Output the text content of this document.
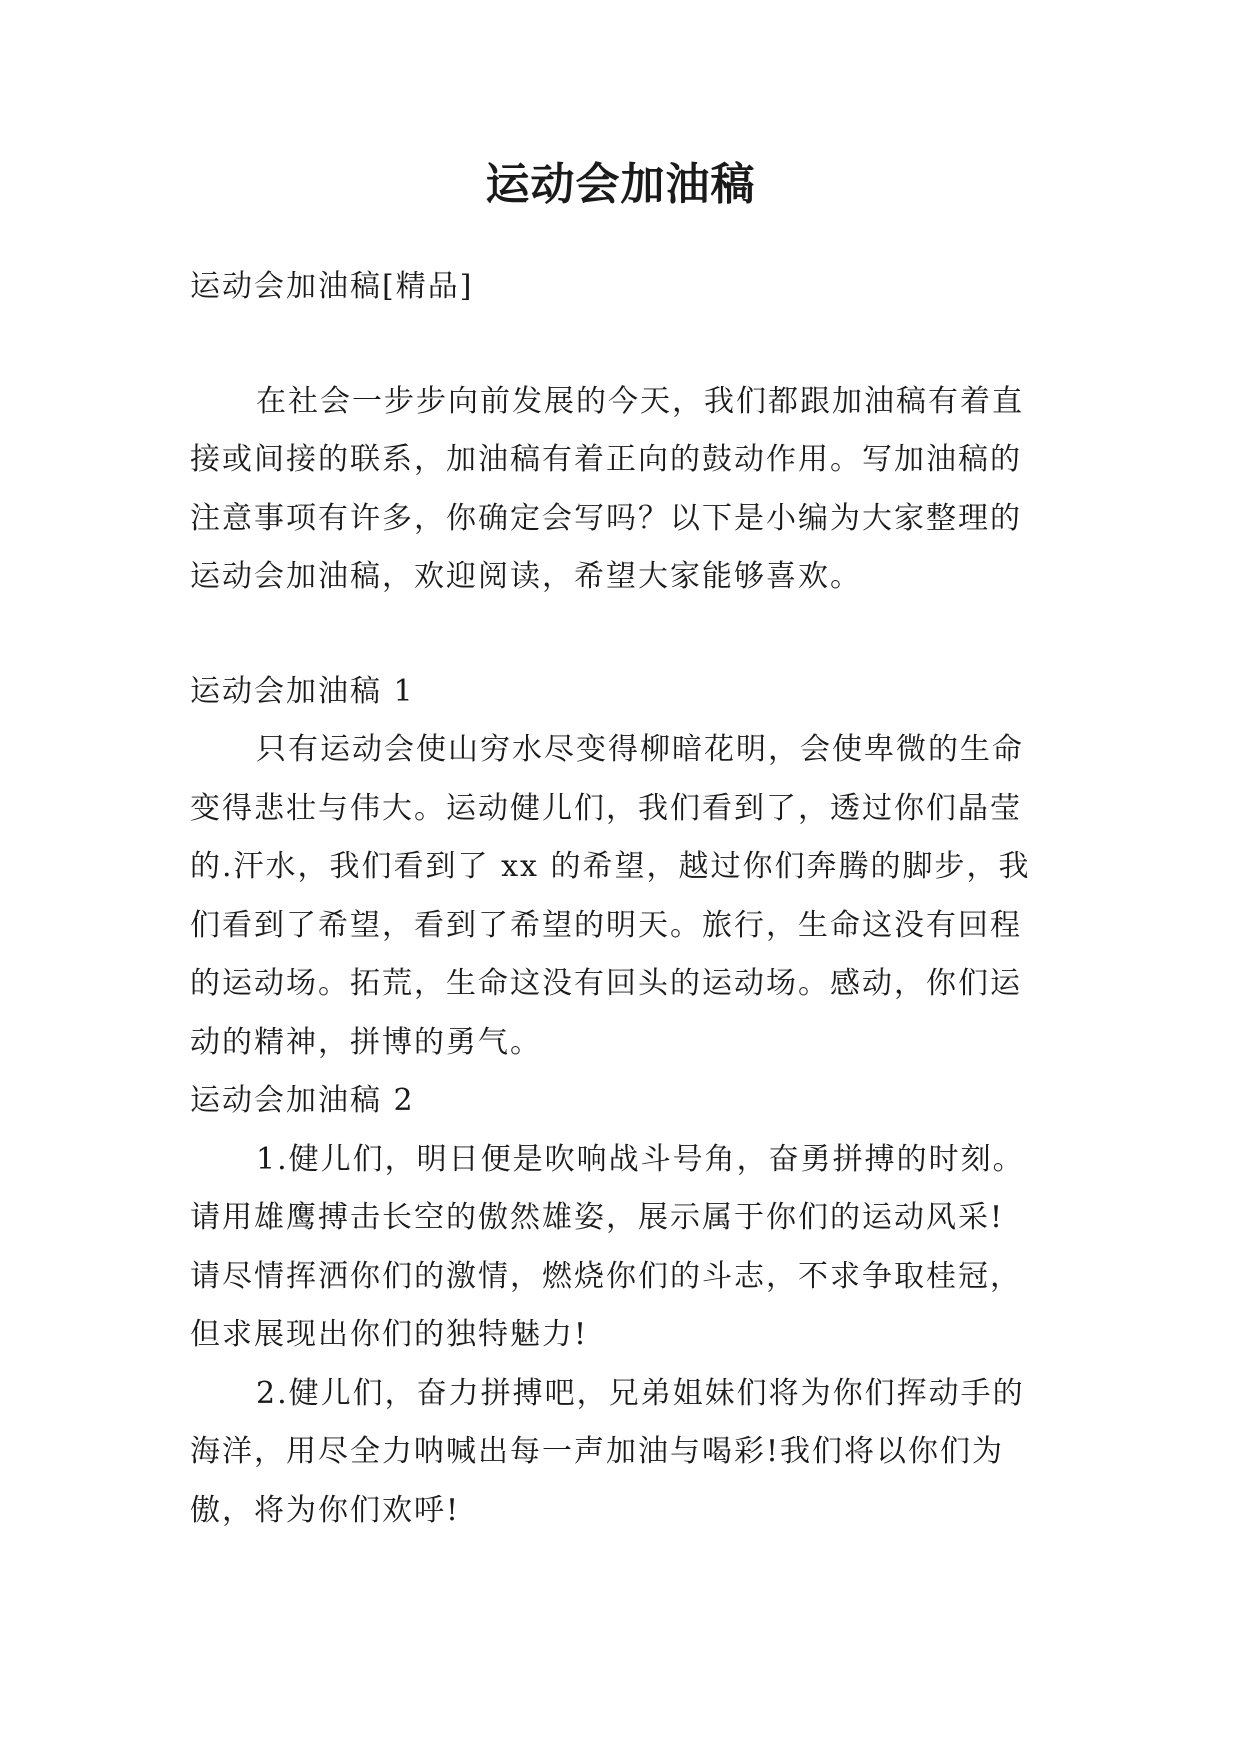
运动会加油稿
运动会加油稿[精品]
在社会一步步向前发展的今天，我们都跟加油稿有着直
接或间接的联系，加油稿有着正向的鼓动作用。写加油稿的
注意事项有许多，你确定会写吗？以下是小编为大家整理的
运动会加油稿，欢迎阅读，希望大家能够喜欢。
运动会加油稿 1
只有运动会使山穷水尽变得柳暗花明，会使卑微的生命
变得悲壮与伟大。运动健儿们，我们看到了，透过你们晶莹
的.汗水，我们看到了 xx 的希望，越过你们奔腾的脚步，我
们看到了希望，看到了希望的明天。旅行，生命这没有回程
的运动场。拓荒，生命这没有回头的运动场。感动，你们运
动的精神，拼博的勇气。
运动会加油稿 2
1.健儿们，明日便是吹响战斗号角，奋勇拼搏的时刻。
请用雄鹰搏击长空的傲然雄姿，展示属于你们的运动风采!
请尽情挥洒你们的激情，燃烧你们的斗志，不求争取桂冠，
但求展现出你们的独特魅力!
2.健儿们，奋力拼搏吧，兄弟姐妹们将为你们挥动手的
海洋，用尽全力呐喊出每一声加油与喝彩!我们将以你们为
傲，将为你们欢呼!
